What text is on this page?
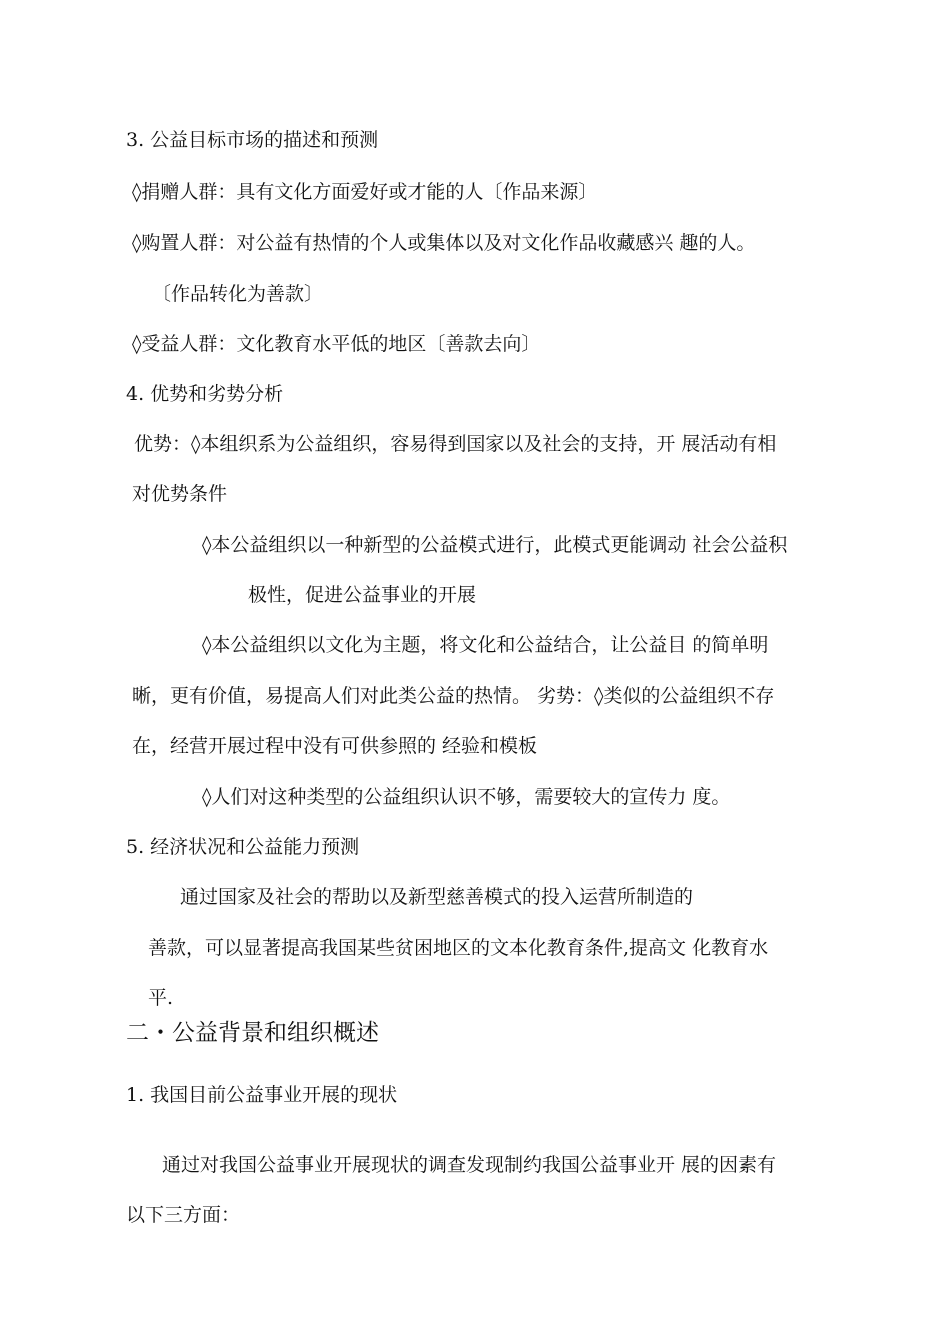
3. 公益目标市场的描述和预测

◊捐赠人群：具有文化方面爱好或才能的人〔作品来源〕

◊购置人群：对公益有热情的个人或集体以及对文化作品收藏感兴 趣的人。

〔作品转化为善款〕

◊受益人群：文化教育水平低的地区〔善款去向〕

4. 优势和劣势分析

优势：◊本组织系为公益组织，容易得到国家以及社会的支持，开 展活动有相

对优势条件

◊本公益组织以一种新型的公益模式进行，此模式更能调动 社会公益积

极性，促进公益事业的开展

◊本公益组织以文化为主题，将文化和公益结合，让公益目 的简单明

晰，更有价值，易提高人们对此类公益的热情。 劣势：◊类似的公益组织不存

在，经营开展过程中没有可供参照的 经验和模板

◊人们对这种类型的公益组织认识不够，需要较大的宣传力 度。

5. 经济状况和公益能力预测

通过国家及社会的帮助以及新型慈善模式的投入运营所制造的

善款，可以显著提高我国某些贫困地区的文本化教育条件,提高文 化教育水

平.

二・公益背景和组织概述

1. 我国目前公益事业开展的现状

通过对我国公益事业开展现状的调查发现制约我国公益事业开 展的因素有

以下三方面：
